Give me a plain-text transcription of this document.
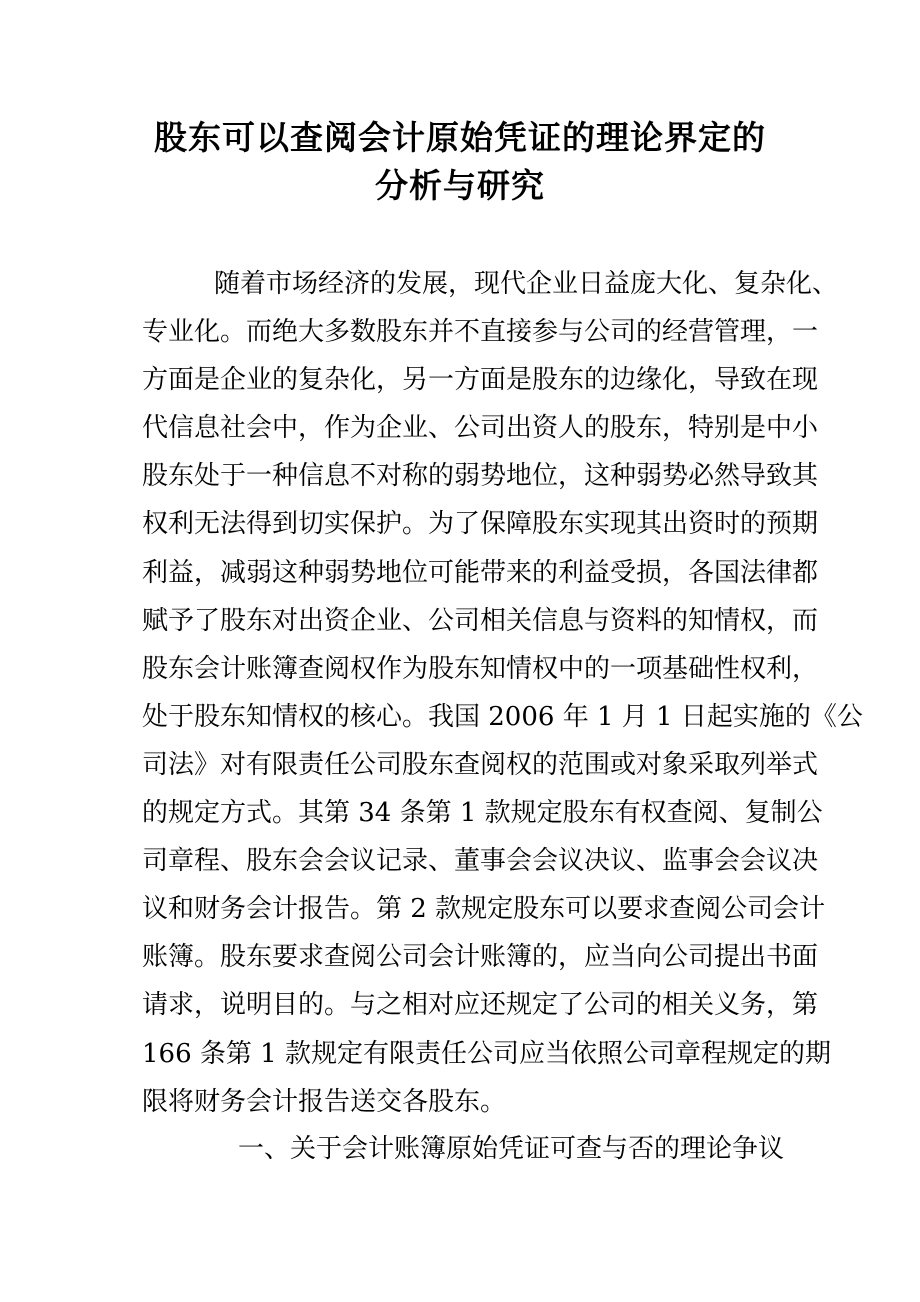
股东可以查阅会计原始凭证的理论界定的
分析与研究
随着市场经济的发展，现代企业日益庞大化、复杂化、
专业化。而绝大多数股东并不直接参与公司的经营管理，一
方面是企业的复杂化，另一方面是股东的边缘化，导致在现
代信息社会中，作为企业、公司出资人的股东，特别是中小
股东处于一种信息不对称的弱势地位，这种弱势必然导致其
权利无法得到切实保护。为了保障股东实现其出资时的预期
利益，减弱这种弱势地位可能带来的利益受损，各国法律都
赋予了股东对出资企业、公司相关信息与资料的知情权，而
股东会计账簿查阅权作为股东知情权中的一项基础性权利，
处于股东知情权的核心。我国 2006 年 1 月 1 日起实施的《公
司法》对有限责任公司股东查阅权的范围或对象采取列举式
的规定方式。其第 34 条第 1 款规定股东有权查阅、复制公
司章程、股东会会议记录、董事会会议决议、监事会会议决
议和财务会计报告。第 2 款规定股东可以要求查阅公司会计
账簿。股东要求查阅公司会计账簿的，应当向公司提出书面
请求，说明目的。与之相对应还规定了公司的相关义务，第
166 条第 1 款规定有限责任公司应当依照公司章程规定的期
限将财务会计报告送交各股东。
一、关于会计账簿原始凭证可查与否的理论争议
